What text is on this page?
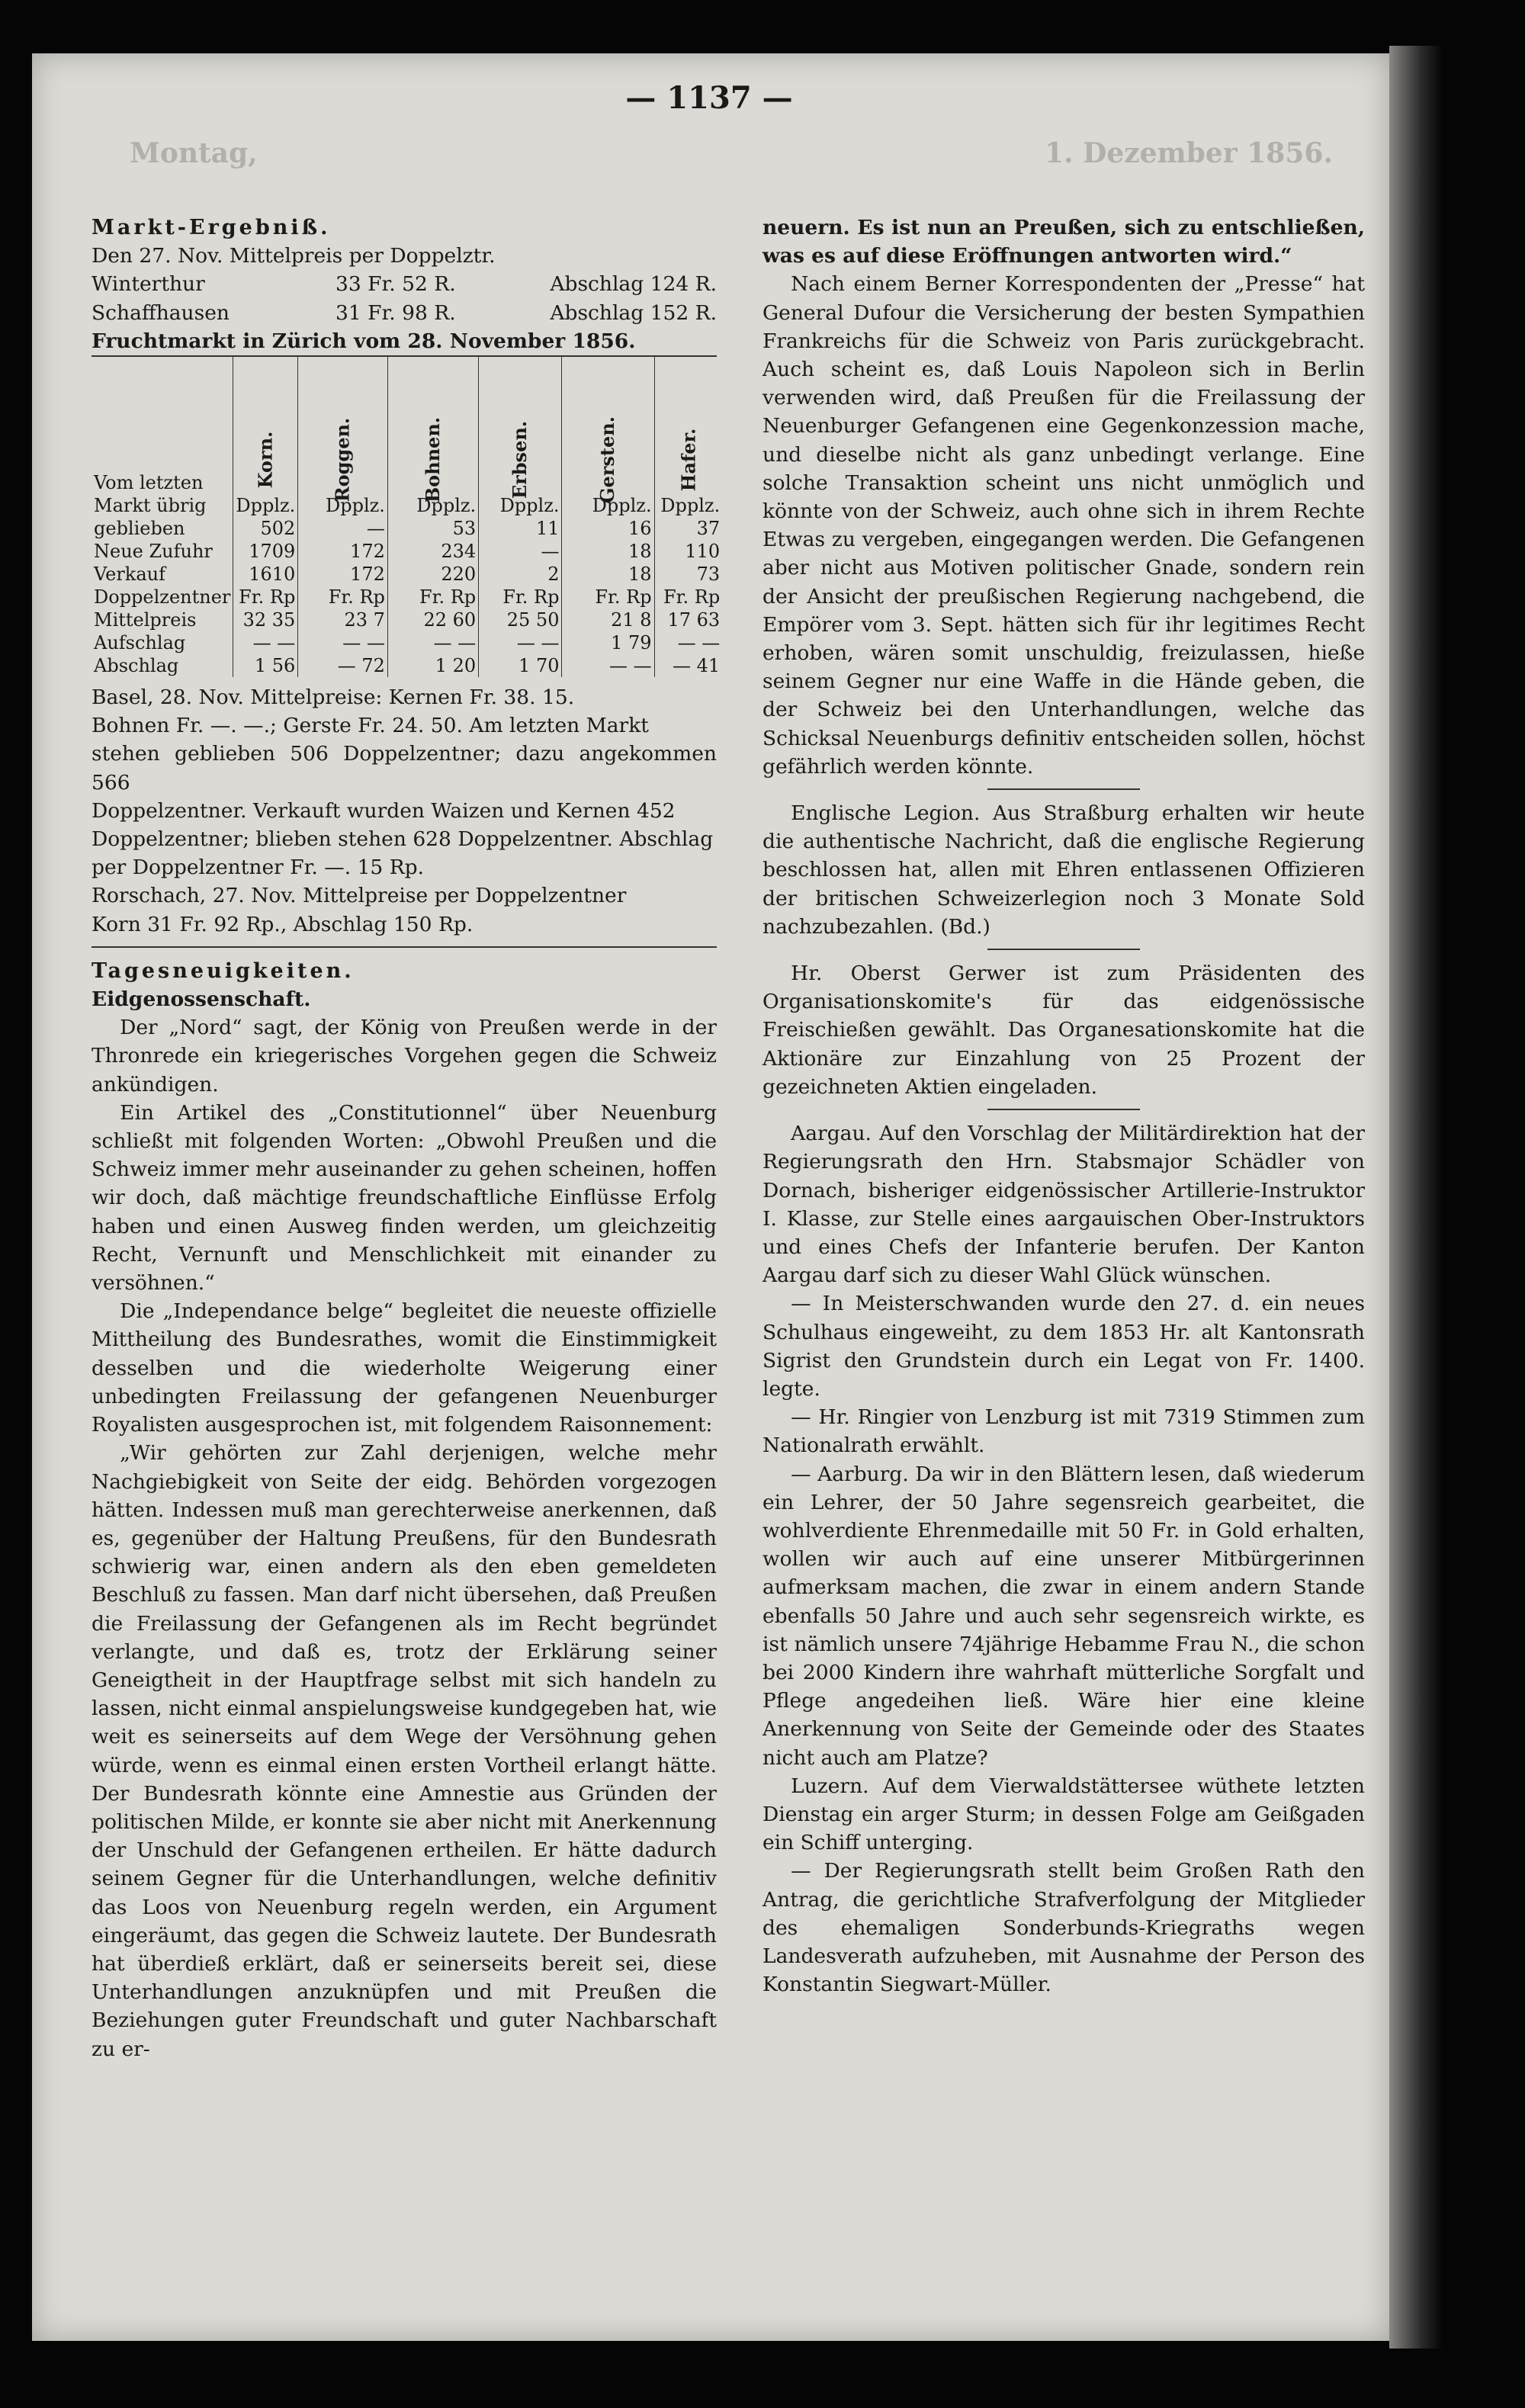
Montag,	1. Dezember 1856.
— 1137 —

Markt-Ergebniß.

Den 27. Nov. Mittelpreis per Doppelztr.

Winterthur	33 Fr. 52 R.	Abschlag 124 R.
Schaffhausen	31 Fr. 98 R.	Abschlag 152 R.

Fruchtmarkt in Zürich vom 28. November 1856.

	Korn.	Roggen.	Bohnen.	Erbsen.	Gersten.	Hafer.
Vom letzten						
Markt übrig	Dpplz.	Dpplz.	Dpplz.	Dpplz.	Dpplz.	Dpplz.
geblieben	502	—	53	11	16	37
Neue Zufuhr	1709	172	234	—	18	110
Verkauf	1610	172	220	2	18	73
Doppelzentner	Fr. Rp	Fr. Rp	Fr. Rp	Fr. Rp	Fr. Rp	Fr. Rp
Mittelpreis	32 35	23 7	22 60	25 50	21 8	17 63
Aufschlag	— —	— —	— —	— —	1 79	— —
Abschlag	1 56	— 72	1 20	1 70	— —	— 41

Basel, 28. Nov. Mittelpreise: Kernen Fr. 38. 15.

Bohnen Fr. —. —.; Gerste Fr. 24. 50. Am letzten Markt

stehen geblieben 506 Doppelzentner; dazu angekommen 566

Doppelzentner. Verkauft wurden Waizen und Kernen 452

Doppelzentner; blieben stehen 628 Doppelzentner. Abschlag

per Doppelzentner Fr. —. 15 Rp.

Rorschach, 27. Nov. Mittelpreise per Doppelzentner

Korn 31 Fr. 92 Rp., Abschlag 150 Rp.

Tagesneuigkeiten.

Eidgenossenschaft.

Der „Nord“ sagt, der König von Preußen werde in der Thronrede ein kriegerisches Vorgehen gegen die Schweiz ankündigen.

Ein Artikel des „Constitutionnel“ über Neuenburg schließt mit folgenden Worten: „Obwohl Preußen und die Schweiz immer mehr auseinander zu gehen scheinen, hoffen wir doch, daß mächtige freundschaftliche Einflüsse Erfolg haben und einen Ausweg finden werden, um gleichzeitig Recht, Vernunft und Menschlichkeit mit einander zu versöhnen.“

Die „Independance belge“ begleitet die neueste offizielle Mittheilung des Bundesrathes, womit die Einstimmigkeit desselben und die wiederholte Weigerung einer unbedingten Freilassung der gefangenen Neuenburger Royalisten ausgesprochen ist, mit folgendem Raisonnement:

„Wir gehörten zur Zahl derjenigen, welche mehr Nachgiebigkeit von Seite der eidg. Behörden vorgezogen hätten. Indessen muß man gerechterweise anerkennen, daß es, gegenüber der Haltung Preußens, für den Bundesrath schwierig war, einen andern als den eben gemeldeten Beschluß zu fassen. Man darf nicht übersehen, daß Preußen die Freilassung der Gefangenen als im Recht begründet verlangte, und daß es, trotz der Erklärung seiner Geneigtheit in der Hauptfrage selbst mit sich handeln zu lassen, nicht einmal anspielungsweise kundgegeben hat, wie weit es seinerseits auf dem Wege der Versöhnung gehen würde, wenn es einmal einen ersten Vortheil erlangt hätte. Der Bundesrath könnte eine Amnestie aus Gründen der politischen Milde, er konnte sie aber nicht mit Anerkennung der Unschuld der Gefangenen ertheilen. Er hätte dadurch seinem Gegner für die Unterhandlungen, welche definitiv das Loos von Neuenburg regeln werden, ein Argument eingeräumt, das gegen die Schweiz lautete. Der Bundesrath hat überdieß erklärt, daß er seinerseits bereit sei, diese Unterhandlungen anzuknüpfen und mit Preußen die Beziehungen guter Freundschaft und guter Nachbarschaft zu er-

neuern. Es ist nun an Preußen, sich zu entschließen, was es auf diese Eröffnungen antworten wird.“

Nach einem Berner Korrespondenten der „Presse“ hat General Dufour die Versicherung der besten Sympathien Frankreichs für die Schweiz von Paris zurückgebracht. Auch scheint es, daß Louis Napoleon sich in Berlin verwenden wird, daß Preußen für die Freilassung der Neuenburger Gefangenen eine Gegenkonzession mache, und dieselbe nicht als ganz unbedingt verlange. Eine solche Transaktion scheint uns nicht unmöglich und könnte von der Schweiz, auch ohne sich in ihrem Rechte Etwas zu vergeben, eingegangen werden. Die Gefangenen aber nicht aus Motiven politischer Gnade, sondern rein der Ansicht der preußischen Regierung nachgebend, die Empörer vom 3. Sept. hätten sich für ihr legitimes Recht erhoben, wären somit unschuldig, freizulassen, hieße seinem Gegner nur eine Waffe in die Hände geben, die der Schweiz bei den Unterhandlungen, welche das Schicksal Neuenburgs definitiv entscheiden sollen, höchst gefährlich werden könnte.

Englische Legion. Aus Straßburg erhalten wir heute die authentische Nachricht, daß die englische Regierung beschlossen hat, allen mit Ehren entlassenen Offizieren der britischen Schweizerlegion noch 3 Monate Sold nachzubezahlen. (Bd.)

Hr. Oberst Gerwer ist zum Präsidenten des Organisationskomite's für das eidgenössische Freischießen gewählt. Das Organesationskomite hat die Aktionäre zur Einzahlung von 25 Prozent der gezeichneten Aktien eingeladen.

Aargau. Auf den Vorschlag der Militärdirektion hat der Regierungsrath den Hrn. Stabsmajor Schädler von Dornach, bisheriger eidgenössischer Artillerie-Instruktor I. Klasse, zur Stelle eines aargauischen Ober-Instruktors und eines Chefs der Infanterie berufen. Der Kanton Aargau darf sich zu dieser Wahl Glück wünschen.

— In Meisterschwanden wurde den 27. d. ein neues Schulhaus eingeweiht, zu dem 1853 Hr. alt Kantonsrath Sigrist den Grundstein durch ein Legat von Fr. 1400. legte.

— Hr. Ringier von Lenzburg ist mit 7319 Stimmen zum Nationalrath erwählt.

— Aarburg. Da wir in den Blättern lesen, daß wiederum ein Lehrer, der 50 Jahre segensreich gearbeitet, die wohlverdiente Ehrenmedaille mit 50 Fr. in Gold erhalten, wollen wir auch auf eine unserer Mitbürgerinnen aufmerksam machen, die zwar in einem andern Stande ebenfalls 50 Jahre und auch sehr segensreich wirkte, es ist nämlich unsere 74jährige Hebamme Frau N., die schon bei 2000 Kindern ihre wahrhaft mütterliche Sorgfalt und Pflege angedeihen ließ. Wäre hier eine kleine Anerkennung von Seite der Gemeinde oder des Staates nicht auch am Platze?

Luzern. Auf dem Vierwaldstättersee wüthete letzten Dienstag ein arger Sturm; in dessen Folge am Geißgaden ein Schiff unterging.

— Der Regierungsrath stellt beim Großen Rath den Antrag, die gerichtliche Strafverfolgung der Mitglieder des ehemaligen Sonderbunds-Kriegraths wegen Landesverath aufzuheben, mit Ausnahme der Person des Konstantin Siegwart-Müller.
